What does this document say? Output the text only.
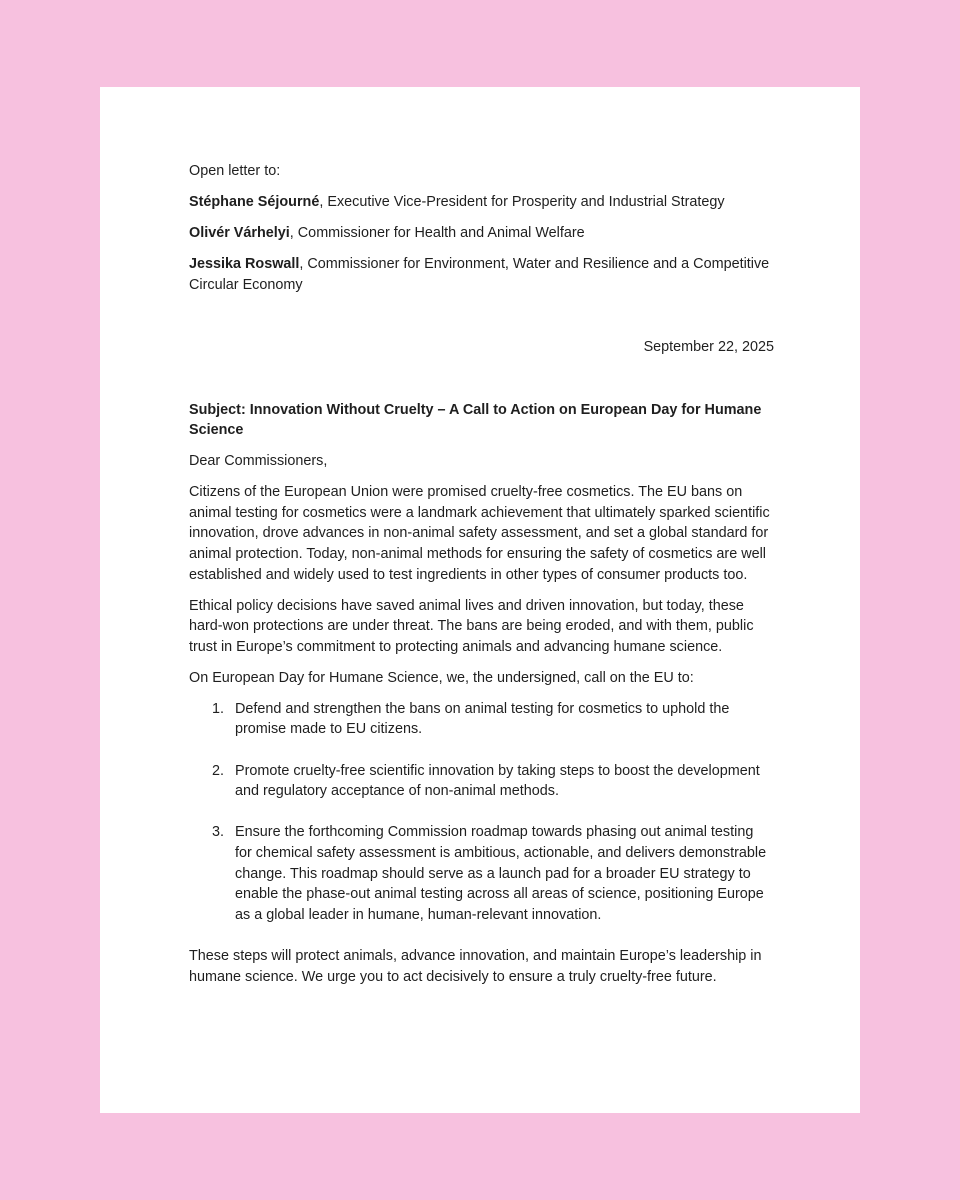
Open letter to:

Stéphane Séjourné, Executive Vice-President for Prosperity and Industrial Strategy

Olivér Várhelyi, Commissioner for Health and Animal Welfare

Jessika Roswall, Commissioner for Environment, Water and Resilience and a Competitive Circular Economy

September 22, 2025

Subject: Innovation Without Cruelty – A Call to Action on European Day for Humane Science

Dear Commissioners,

Citizens of the European Union were promised cruelty-free cosmetics. The EU bans on animal testing for cosmetics were a landmark achievement that ultimately sparked scientific innovation, drove advances in non-animal safety assessment, and set a global standard for animal protection. Today, non-animal methods for ensuring the safety of cosmetics are well established and widely used to test ingredients in other types of consumer products too.

Ethical policy decisions have saved animal lives and driven innovation, but today, these hard-won protections are under threat. The bans are being eroded, and with them, public trust in Europe’s commitment to protecting animals and advancing humane science.

On European Day for Humane Science, we, the undersigned, call on the EU to:

1. Defend and strengthen the bans on animal testing for cosmetics to uphold the promise made to EU citizens.
2. Promote cruelty-free scientific innovation by taking steps to boost the development and regulatory acceptance of non-animal methods.
3. Ensure the forthcoming Commission roadmap towards phasing out animal testing for chemical safety assessment is ambitious, actionable, and delivers demonstrable change. This roadmap should serve as a launch pad for a broader EU strategy to enable the phase-out animal testing across all areas of science, positioning Europe as a global leader in humane, human-relevant innovation.

These steps will protect animals, advance innovation, and maintain Europe’s leadership in humane science. We urge you to act decisively to ensure a truly cruelty-free future.
